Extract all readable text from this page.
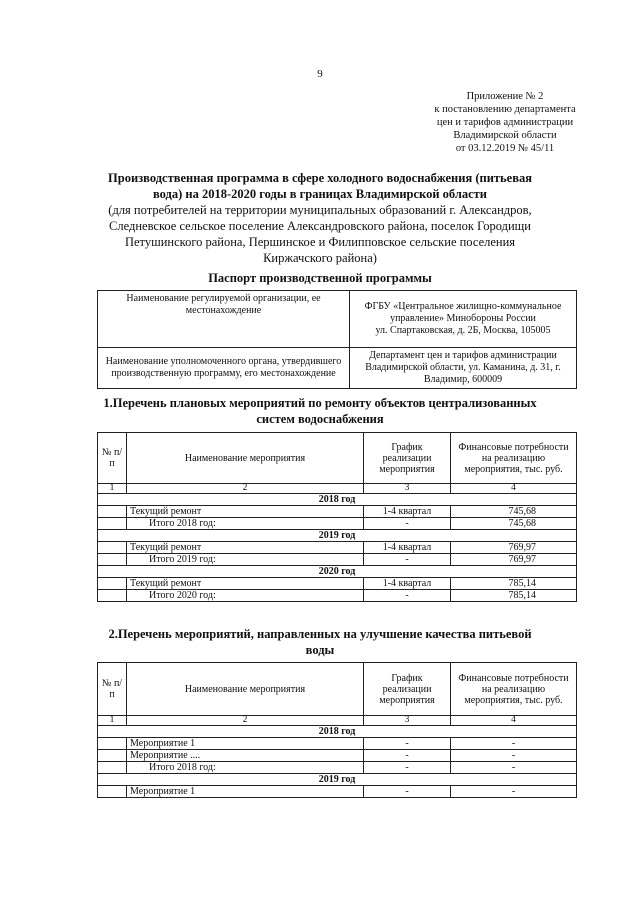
9
Приложение № 2
к постановлению департамента
цен и тарифов администрации
Владимирской области
от 03.12.2019 № 45/11
Производственная программа в сфере холодного водоснабжения (питьевая вода) на 2018-2020 годы в границах Владимирской области
(для потребителей на территории муниципальных образований г. Александров, Следневское сельское поселение Александровского района, поселок Городищи Петушинского района, Першинское и Филипповское сельские поселения Киржачского района)
Паспорт производственной программы
Наименование регулируемой организации, ее местонахождение	ФГБУ «Центральное жилищно-коммунальное управление» Минобороны России
ул. Спартаковская, д. 2Б, Москва, 105005

Наименование уполномоченного органа, утвердившего производственную программу, его местонахождение	Департамент цен и тарифов администрации Владимирской области, ул. Каманина, д. 31, г. Владимир, 600009
1.Перечень плановых мероприятий по ремонту объектов централизованных систем водоснабжения
№ п/п	Наименование мероприятия	График реализации мероприятия	Финансовые потребности на реализацию мероприятия, тыс. руб.
1	2	3	4
2018 год			
	Текущий ремонт	1-4 квартал	745,68
	Итого 2018 год:	-	745,68
2019 год			
	Текущий ремонт	1-4 квартал	769,97
	Итого 2019 год:	-	769,97
2020 год			
	Текущий ремонт	1-4 квартал	785,14
	Итого 2020 год:	-	785,14
2.Перечень мероприятий, направленных на улучшение качества питьевой воды
№ п/п	Наименование мероприятия	График реализации мероприятия	Финансовые потребности на реализацию мероприятия, тыс. руб.
1	2	3	4
2018 год			
	Мероприятие 1	-	-
	Мероприятие ....	-	-
	Итого 2018 год:	-	-
2019 год			
	Мероприятие 1	-	-
